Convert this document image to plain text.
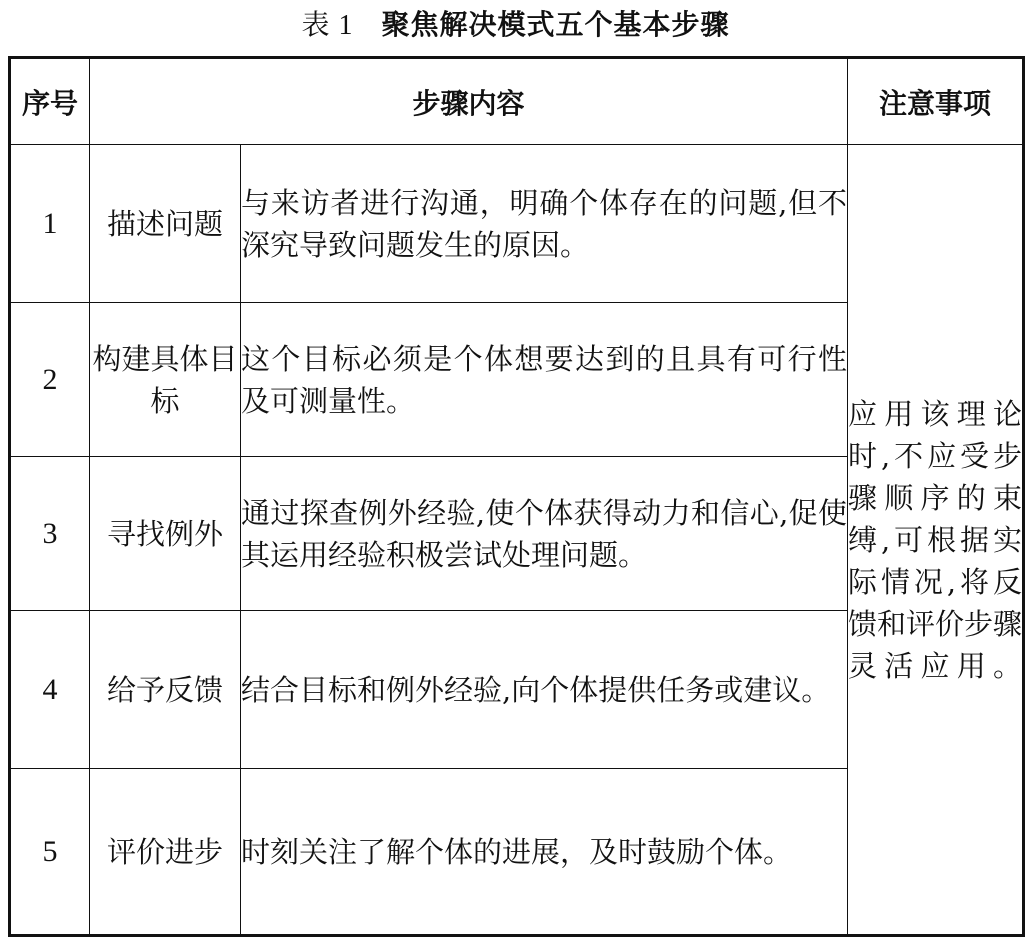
表 1 聚焦解决模式五个基本步骤
序号	步骤内容		注意事项
1	描述问题	与来访者进行沟通，明确个体存在的问题,但不深究导致问题发生的原因。	应用该理论时,不应受步骤顺序的束缚,可根据实际情况,将反馈和评价步骤灵活应用。
2	构建具体目标	这个目标必须是个体想要达到的且具有可行性及可测量性。	
3	寻找例外	通过探查例外经验,使个体获得动力和信心,促使其运用经验积极尝试处理问题。	
4	给予反馈	结合目标和例外经验,向个体提供任务或建议。	
5	评价进步	时刻关注了解个体的进展，及时鼓励个体。	
